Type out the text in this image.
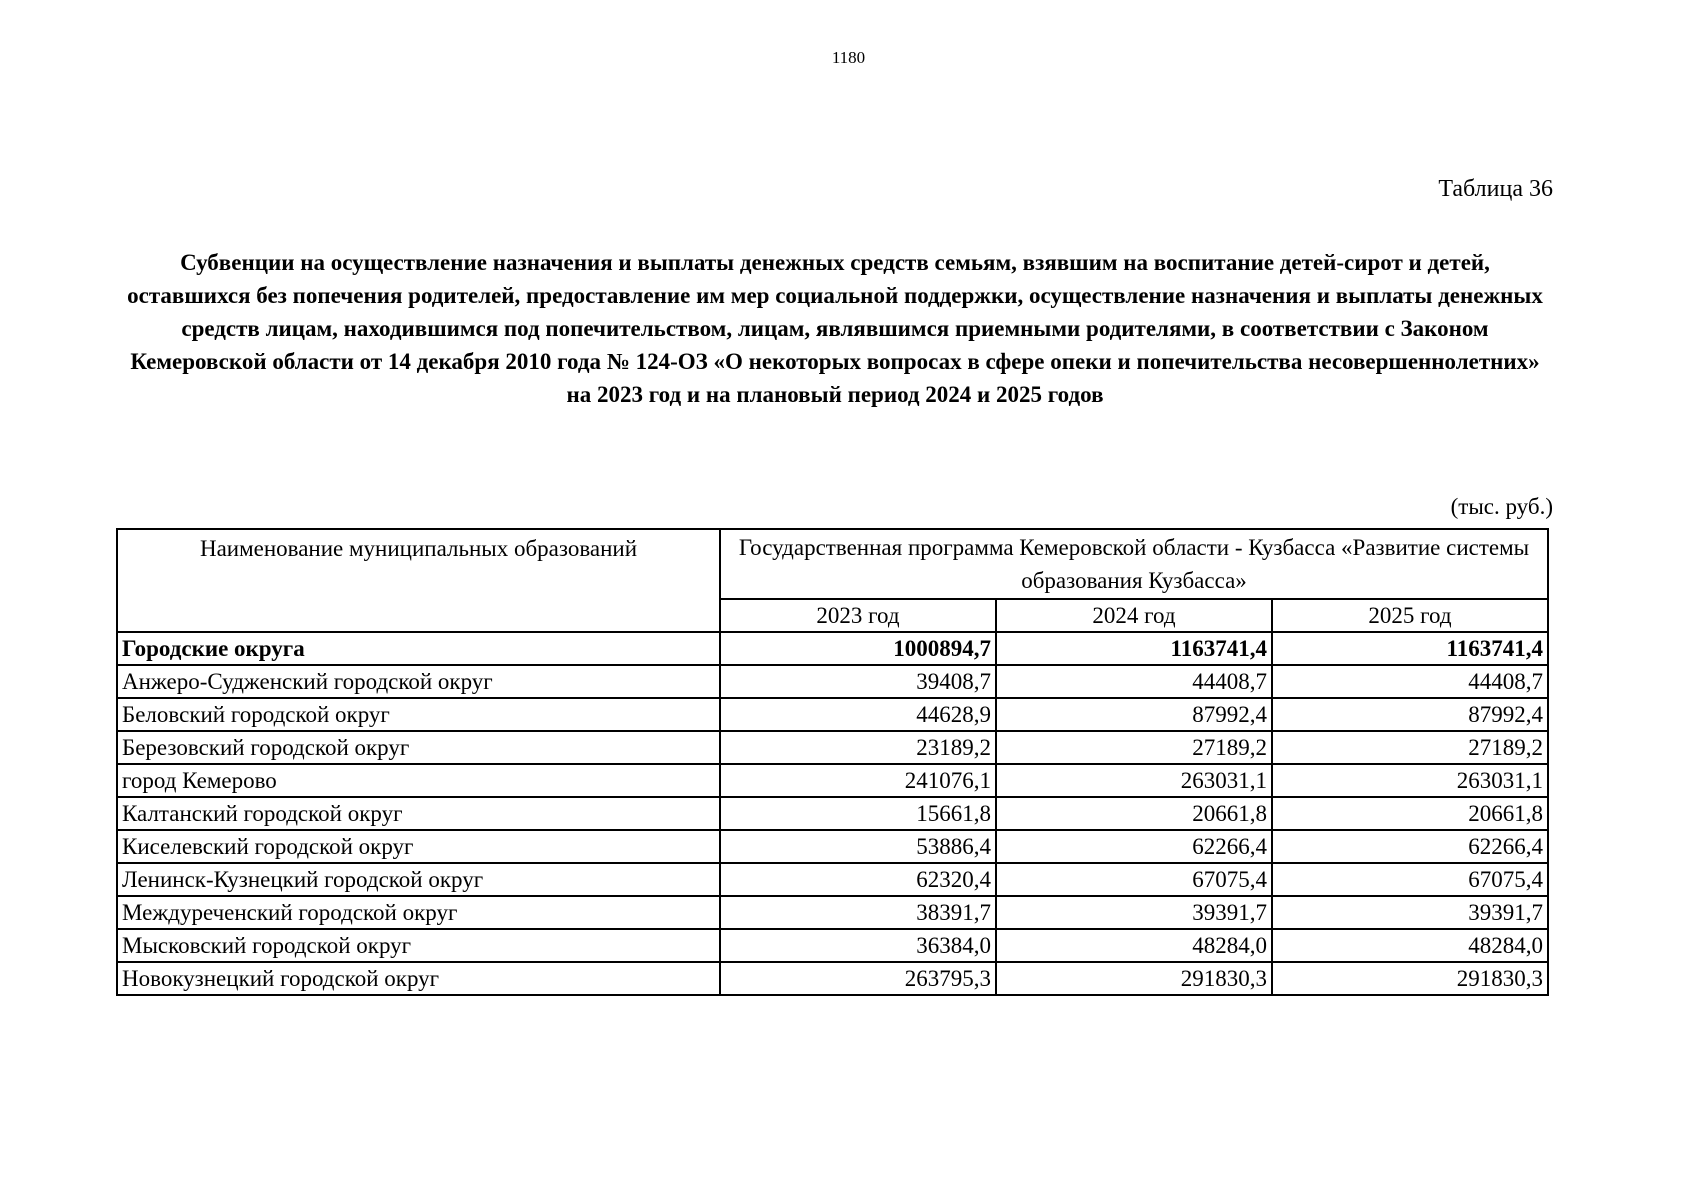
1180
Таблица 36
Субвенции на осуществление назначения и выплаты денежных средств семьям, взявшим на воспитание детей-сирот и детей, оставшихся без попечения родителей, предоставление им мер социальной поддержки, осуществление назначения и выплаты денежных средств лицам, находившимся под попечительством, лицам, являвшимся приемными родителями, в соответствии с Законом Кемеровской области от 14 декабря 2010 года № 124-ОЗ «О некоторых вопросах в сфере опеки и попечительства несовершеннолетних» на 2023 год и на плановый период 2024 и 2025 годов
(тыс. руб.)
Наименование муниципальных образований	Государственная программа Кемеровской области - Кузбасса «Развитие системы образования Кузбасса»		
	2023 год	2024 год	2025 год
Городские округа	1000894,7	1163741,4	1163741,4
Анжеро-Судженский городской округ	39408,7	44408,7	44408,7
Беловский городской округ	44628,9	87992,4	87992,4
Березовский городской округ	23189,2	27189,2	27189,2
город Кемерово	241076,1	263031,1	263031,1
Калтанский городской округ	15661,8	20661,8	20661,8
Киселевский городской округ	53886,4	62266,4	62266,4
Ленинск-Кузнецкий городской округ	62320,4	67075,4	67075,4
Междуреченский городской округ	38391,7	39391,7	39391,7
Мысковский городской округ	36384,0	48284,0	48284,0
Новокузнецкий городской округ	263795,3	291830,3	291830,3
